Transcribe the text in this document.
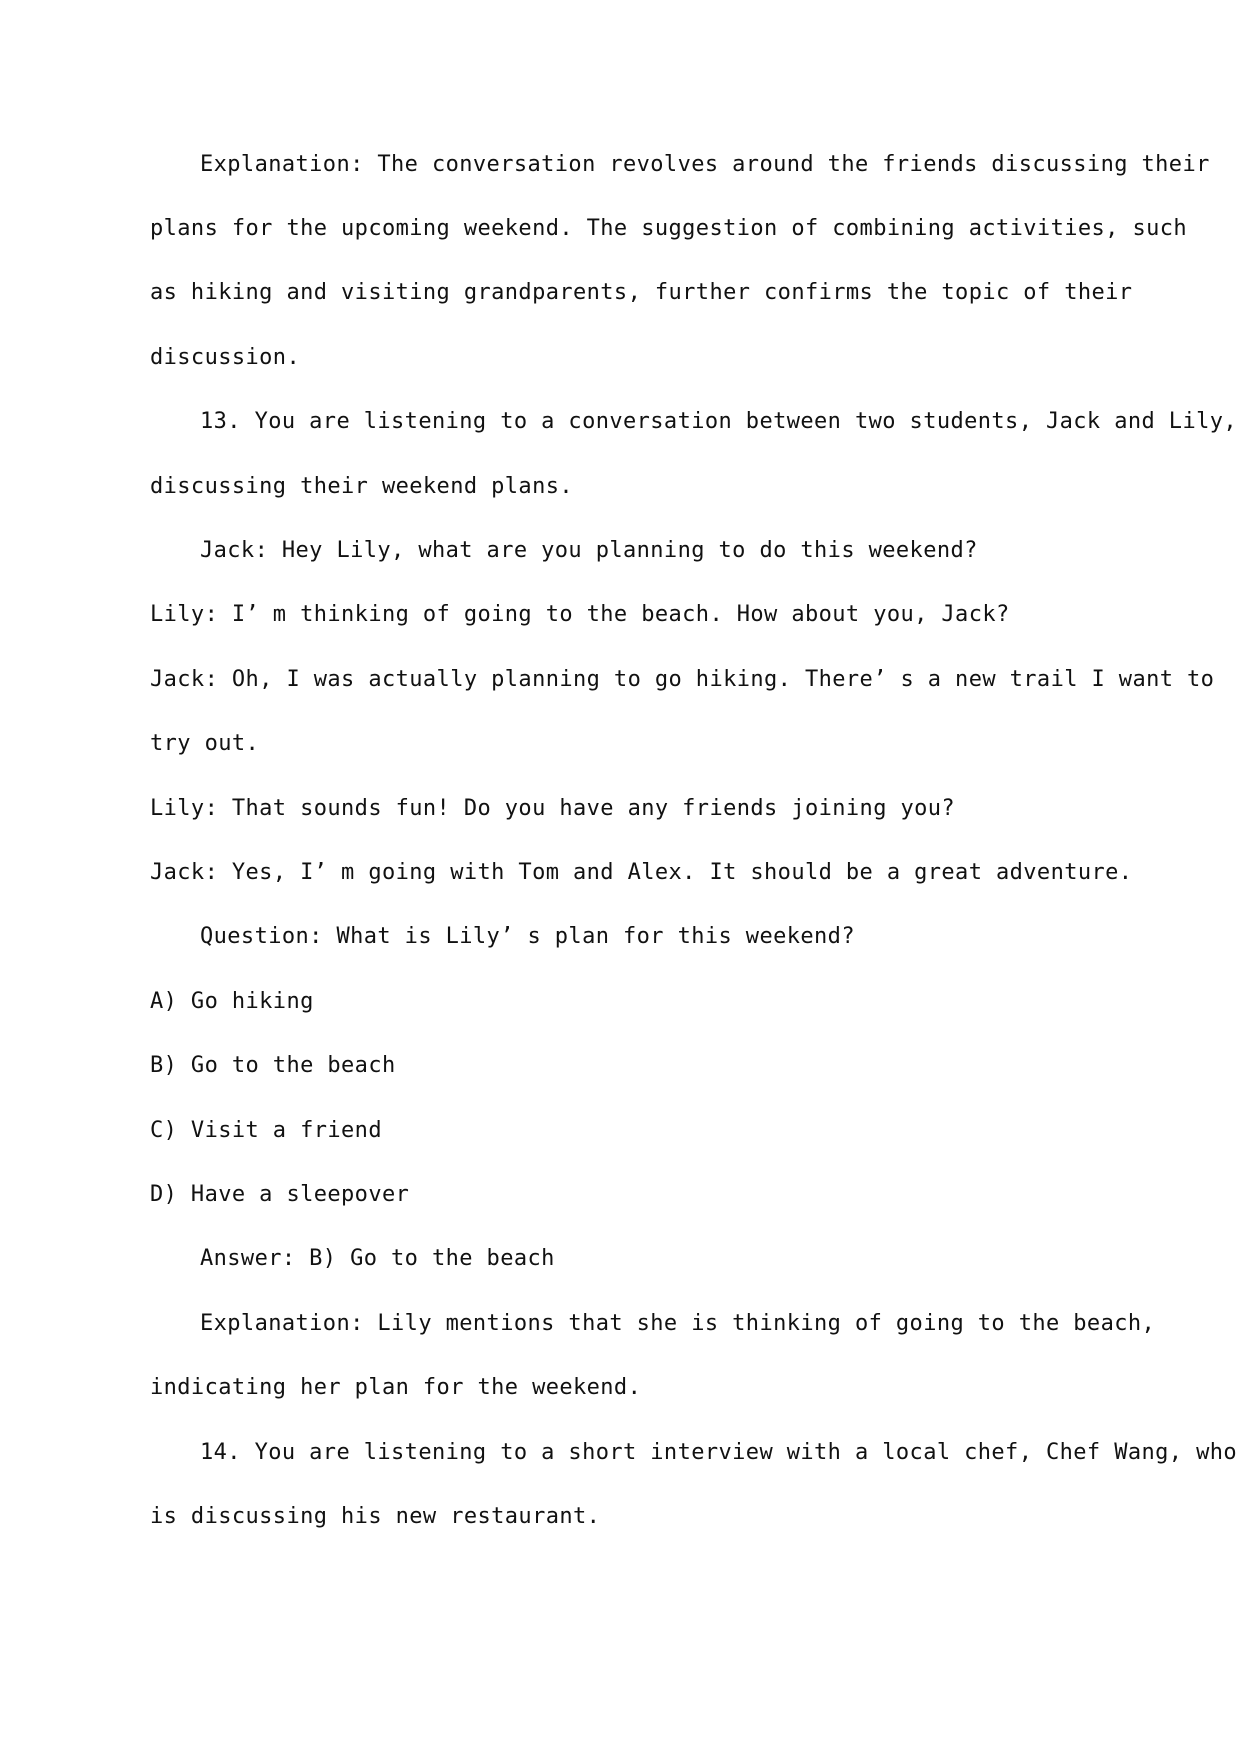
Explanation: The conversation revolves around the friends discussing their
plans for the upcoming weekend. The suggestion of combining activities, such
as hiking and visiting grandparents, further confirms the topic of their
discussion.
13. You are listening to a conversation between two students, Jack and Lily,
discussing their weekend plans.
Jack: Hey Lily, what are you planning to do this weekend?
Lily: I’ m thinking of going to the beach. How about you, Jack?
Jack: Oh, I was actually planning to go hiking. There’ s a new trail I want to
try out.
Lily: That sounds fun! Do you have any friends joining you?
Jack: Yes, I’ m going with Tom and Alex. It should be a great adventure.
Question: What is Lily’ s plan for this weekend?
A) Go hiking
B) Go to the beach
C) Visit a friend
D) Have a sleepover
Answer: B) Go to the beach
Explanation: Lily mentions that she is thinking of going to the beach,
indicating her plan for the weekend.
14. You are listening to a short interview with a local chef, Chef Wang, who
is discussing his new restaurant.
